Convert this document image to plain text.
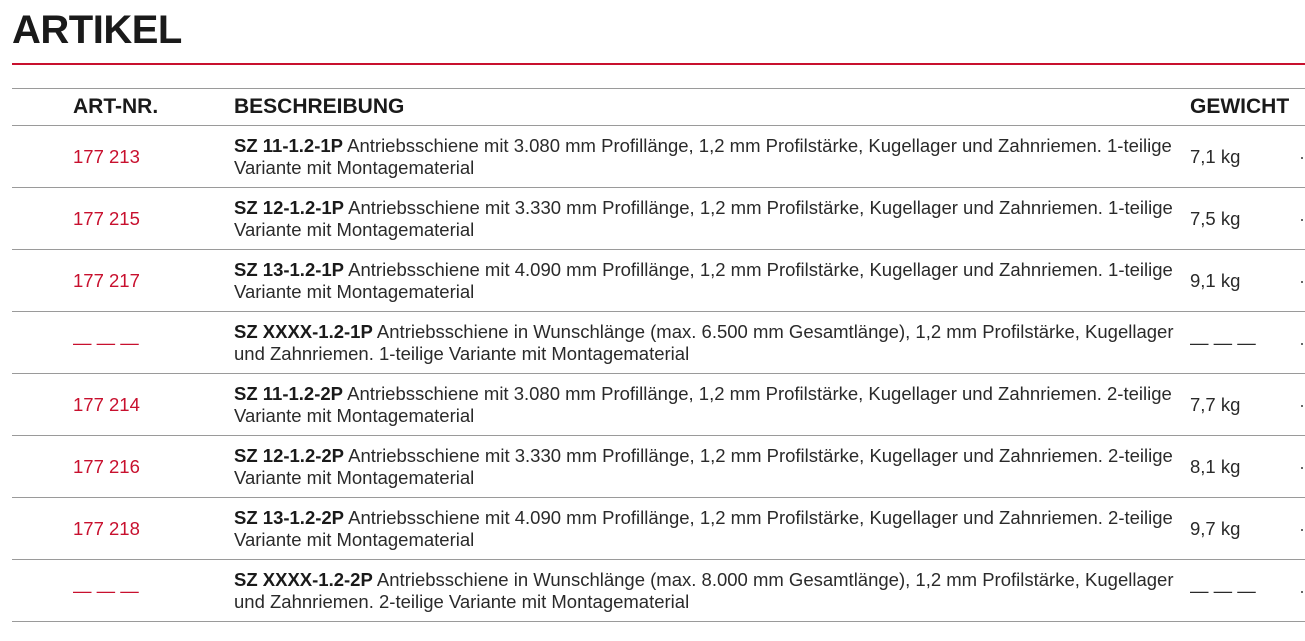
ARTIKEL
ART-NR.	BESCHREIBUNG	GEWICHT
177 213	SZ 11-1.2-1P Antriebsschiene mit 3.080 mm Profillänge, 1,2 mm Profilstärke, Kugellager und Zahnriemen. 1-teilige Variante mit Montagematerial	7,1 kg

177 215	SZ 12-1.2-1P Antriebsschiene mit 3.330 mm Profillänge, 1,2 mm Profilstärke, Kugellager und Zahnriemen. 1-teilige Variante mit Montagematerial	7,5 kg

177 217	SZ 13-1.2-1P Antriebsschiene mit 4.090 mm Profillänge, 1,2 mm Profilstärke, Kugellager und Zahnriemen. 1-teilige Variante mit Montagematerial	9,1 kg

— — —	SZ XXXX-1.2-1P Antriebsschiene in Wunschlänge (max. 6.500 mm Gesamtlänge), 1,2 mm Profilstärke, Kugellager und Zahnriemen. 1-teilige Variante mit Montagematerial	— — —

177 214	SZ 11-1.2-2P Antriebsschiene mit 3.080 mm Profillänge, 1,2 mm Profilstärke, Kugellager und Zahnriemen. 2-teilige Variante mit Montagematerial	7,7 kg

177 216	SZ 12-1.2-2P Antriebsschiene mit 3.330 mm Profillänge, 1,2 mm Profilstärke, Kugellager und Zahnriemen. 2-teilige Variante mit Montagematerial	8,1 kg

177 218	SZ 13-1.2-2P Antriebsschiene mit 4.090 mm Profillänge, 1,2 mm Profilstärke, Kugellager und Zahnriemen. 2-teilige Variante mit Montagematerial	9,7 kg

— — —	SZ XXXX-1.2-2P Antriebsschiene in Wunschlänge (max. 8.000 mm Gesamtlänge), 1,2 mm Profilstärke, Kugellager und Zahnriemen. 2-teilige Variante mit Montagematerial	— — —
